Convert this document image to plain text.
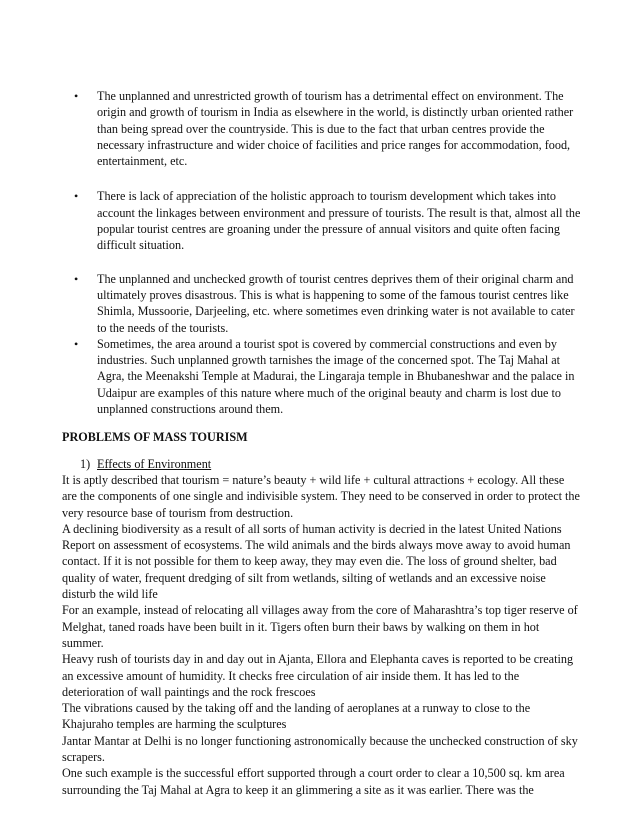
• The unplanned and unrestricted growth of tourism has a detrimental effect on environment. The origin and growth of tourism in India as elsewhere in the world, is distinctly urban oriented rather than being spread over the countryside. This is due to the fact that urban centres provide the necessary infrastructure and wider choice of facilities and price ranges for accommodation, food, entertainment, etc.
• There is lack of appreciation of the holistic approach to tourism development which takes into account the linkages between environment and pressure of tourists. The result is that, almost all the popular tourist centres are groaning under the pressure of annual visitors and quite often facing difficult situation.
• The unplanned and unchecked growth of tourist centres deprives them of their original charm and ultimately proves disastrous. This is what is happening to some of the famous tourist centres like Shimla, Mussoorie, Darjeeling, etc. where sometimes even drinking water is not available to cater to the needs of the tourists.
• Sometimes, the area around a tourist spot is covered by commercial constructions and even by industries. Such unplanned growth tarnishes the image of the concerned spot. The Taj Mahal at Agra, the Meenakshi Temple at Madurai, the Lingaraja temple in Bhubaneshwar and the palace in Udaipur are examples of this nature where much of the original beauty and charm is lost due to unplanned constructions around them.
PROBLEMS OF MASS TOURISM
1) Effects of Environment

It is aptly described that tourism = nature’s beauty + wild life + cultural attractions + ecology. All these are the components of one single and indivisible system. They need to be conserved in order to protect the very resource base of tourism from destruction.

A declining biodiversity as a result of all sorts of human activity is decried in the latest United Nations Report on assessment of ecosystems. The wild animals and the birds always move away to avoid human contact. If it is not possible for them to keep away, they may even die. The loss of ground shelter, bad quality of water, frequent dredging of silt from wetlands, silting of wetlands and an excessive noise disturb the wild life

For an example, instead of relocating all villages away from the core of Maharashtra’s top tiger reserve of Melghat, taned roads have been built in it. Tigers often burn their baws by walking on them in hot summer.

Heavy rush of tourists day in and day out in Ajanta, Ellora and Elephanta caves is reported to be creating an excessive amount of humidity. It checks free circulation of air inside them. It has led to the deterioration of wall paintings and the rock frescoes

The vibrations caused by the taking off and the landing of aeroplanes at a runway to close to the Khajuraho temples are harming the sculptures

Jantar Mantar at Delhi is no longer functioning astronomically because the unchecked construction of sky scrapers.

One such example is the successful effort supported through a court order to clear a 10,500 sq. km area surrounding the Taj Mahal at Agra to keep it an glimmering a site as it was earlier. There was the
